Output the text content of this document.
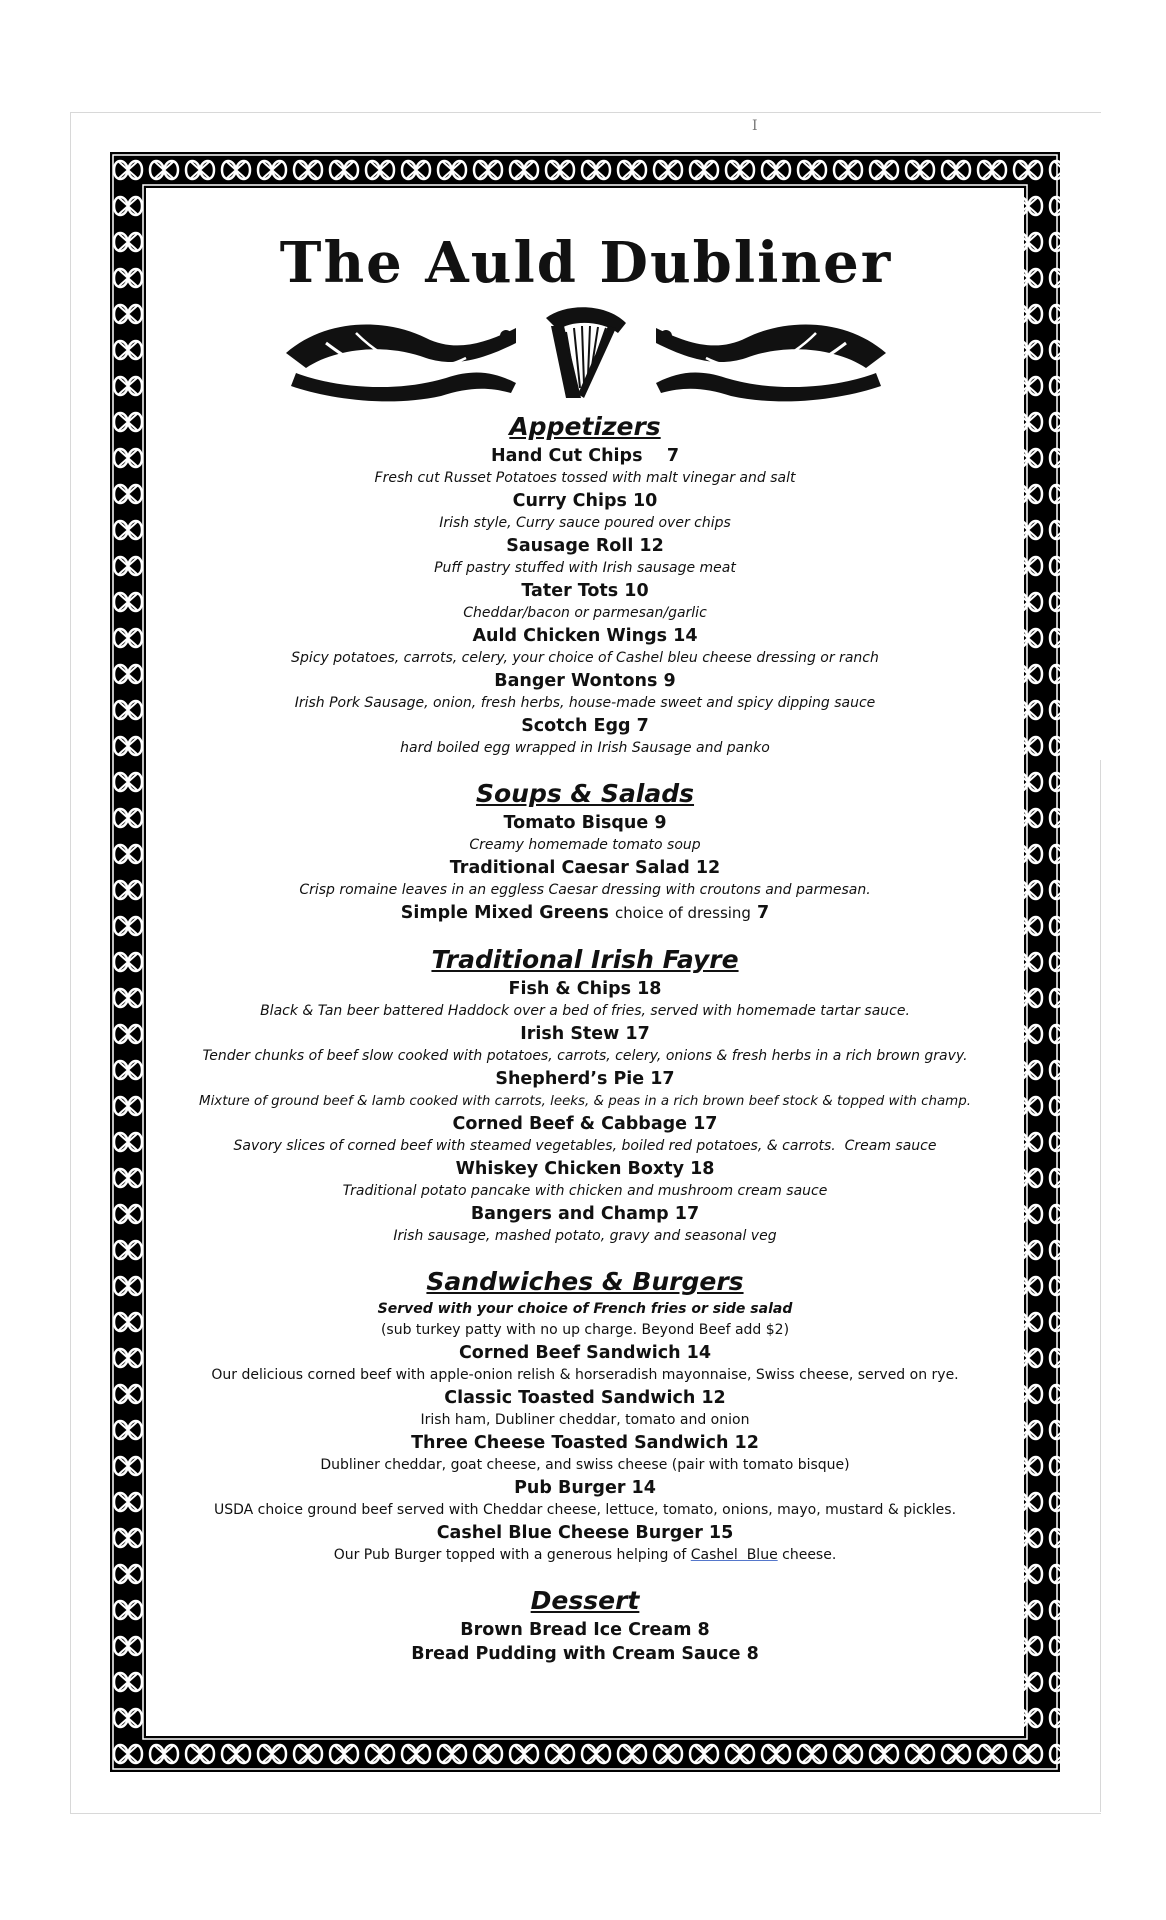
I
The Auld Dubliner

Appetizers

Hand Cut Chips    7

Fresh cut Russet Potatoes tossed with malt vinegar and salt

Curry Chips 10

Irish style, Curry sauce poured over chips

Sausage Roll 12

Puff pastry stuffed with Irish sausage meat

Tater Tots 10

Cheddar/bacon or parmesan/garlic

Auld Chicken Wings 14

Spicy potatoes, carrots, celery, your choice of Cashel bleu cheese dressing or ranch

Banger Wontons 9

Irish Pork Sausage, onion, fresh herbs, house-made sweet and spicy dipping sauce

Scotch Egg 7

hard boiled egg wrapped in Irish Sausage and panko

Soups & Salads

Tomato Bisque 9

Creamy homemade tomato soup

Traditional Caesar Salad 12

Crisp romaine leaves in an eggless Caesar dressing with croutons and parmesan.

Simple Mixed Greens choice of dressing 7

Traditional Irish Fayre

Fish & Chips 18

Black & Tan beer battered Haddock over a bed of fries, served with homemade tartar sauce.

Irish Stew 17

Tender chunks of beef slow cooked with potatoes, carrots, celery, onions & fresh herbs in a rich brown gravy.

Shepherd’s Pie 17

Mixture of ground beef & lamb cooked with carrots, leeks, & peas in a rich brown beef stock & topped with champ.

Corned Beef & Cabbage 17

Savory slices of corned beef with steamed vegetables, boiled red potatoes, & carrots.  Cream sauce

Whiskey Chicken Boxty 18

Traditional potato pancake with chicken and mushroom cream sauce

Bangers and Champ 17

Irish sausage, mashed potato, gravy and seasonal veg

Sandwiches & Burgers

Served with your choice of French fries or side salad

(sub turkey patty with no up charge. Beyond Beef add $2)

Corned Beef Sandwich 14

Our delicious corned beef with apple-onion relish & horseradish mayonnaise, Swiss cheese, served on rye.

Classic Toasted Sandwich 12

Irish ham, Dubliner cheddar, tomato and onion

Three Cheese Toasted Sandwich 12

Dubliner cheddar, goat cheese, and swiss cheese (pair with tomato bisque)

Pub Burger 14

USDA choice ground beef served with Cheddar cheese, lettuce, tomato, onions, mayo, mustard & pickles.

Cashel Blue Cheese Burger 15

Our Pub Burger topped with a generous helping of Cashel  Blue cheese.

Dessert

Brown Bread Ice Cream 8

Bread Pudding with Cream Sauce 8
